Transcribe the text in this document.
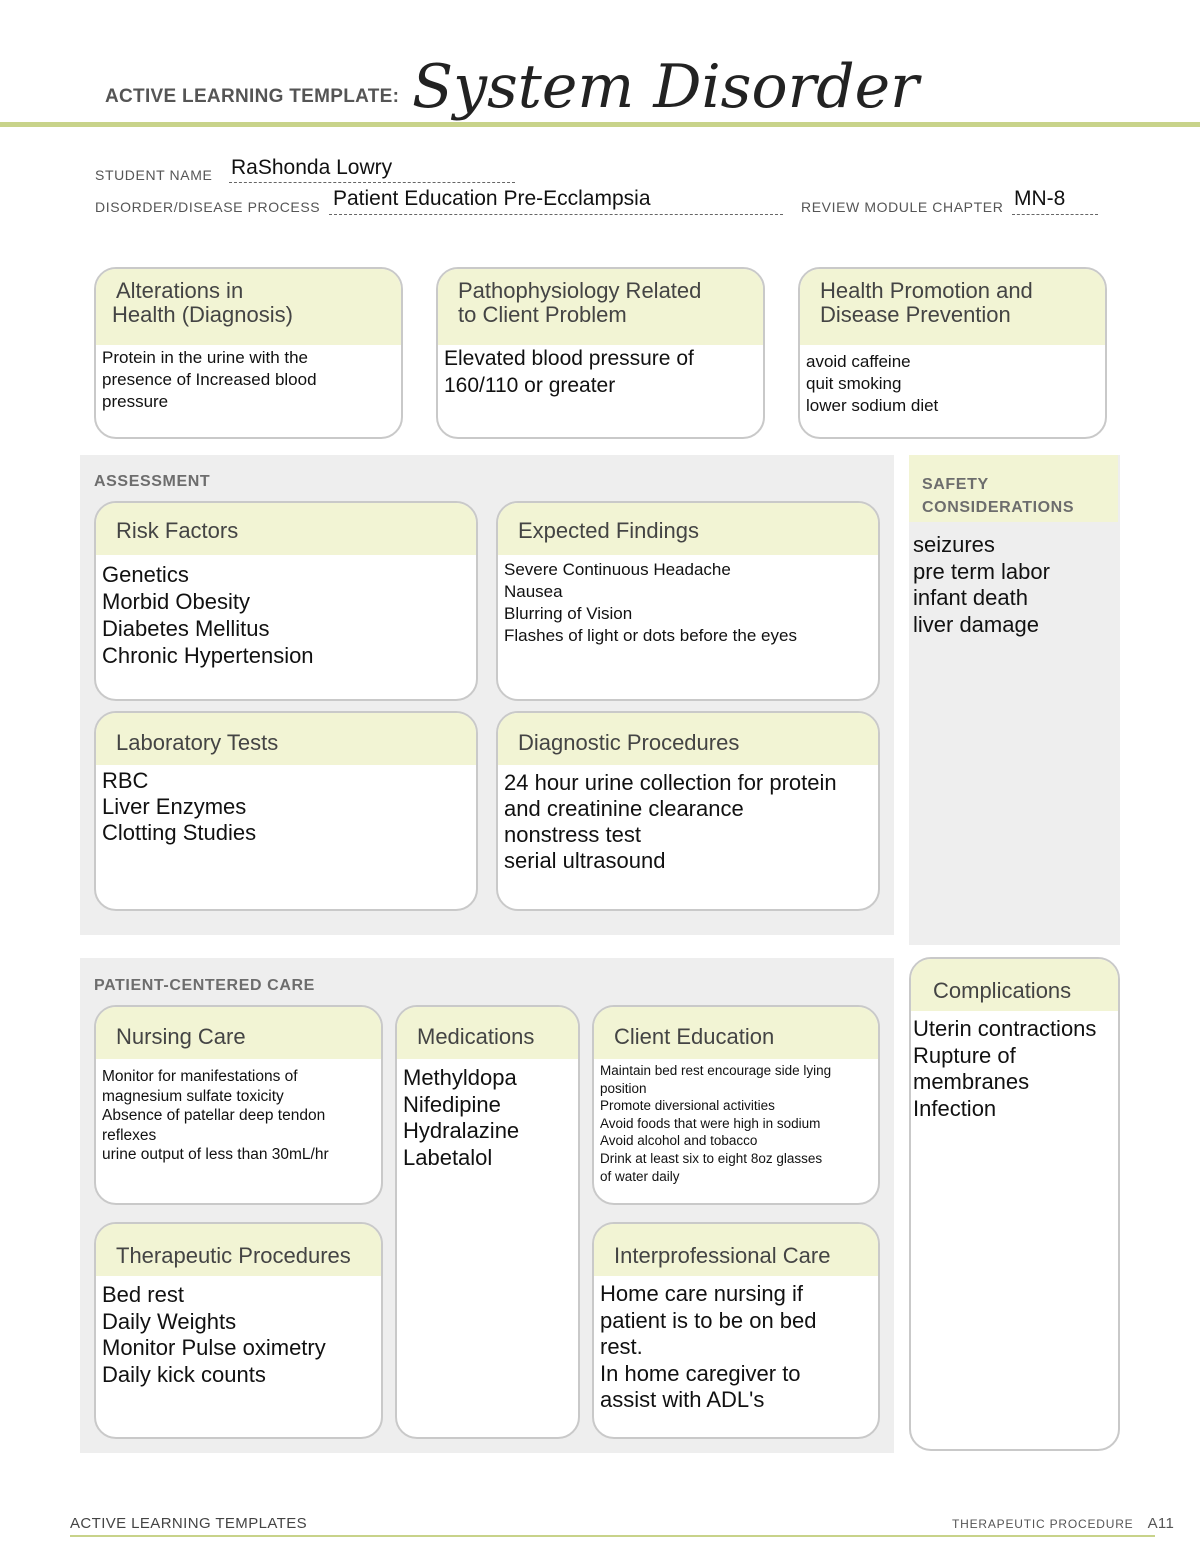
ACTIVE LEARNING TEMPLATE: System Disorder
STUDENT NAME RaShonda Lowry
DISORDER/DISEASE PROCESS Patient Education Pre-Ecclampsia	REVIEW MODULE CHAPTER MN-8
Alterations in
Health (Diagnosis)
Protein in the urine with the
presence of Increased blood
pressure
Pathophysiology Related
to Client Problem
Elevated blood pressure of
160/110 or greater
Health Promotion and
Disease Prevention
avoid caffeine
quit smoking
lower sodium diet
ASSESSMENT
Risk Factors
Genetics
Morbid Obesity
Diabetes Mellitus
Chronic Hypertension
Expected Findings
Severe Continuous Headache
Nausea
Blurring of Vision
Flashes of light or dots before the eyes
Laboratory Tests
RBC
Liver Enzymes
Clotting Studies
Diagnostic Procedures
24 hour urine collection for protein
and creatinine clearance
nonstress test
serial ultrasound
SAFETY
CONSIDERATIONS
seizures
pre term labor
infant death
liver damage
PATIENT-CENTERED CARE
Nursing Care
Monitor for manifestations of
magnesium sulfate toxicity
Absence of patellar deep tendon
reflexes
urine output of less than 30mL/hr
Medications
Methyldopa
Nifedipine
Hydralazine
Labetalol
Client Education
Maintain bed rest encourage side lying
position
Promote diversional activities
Avoid foods that were high in sodium
Avoid alcohol and tobacco
Drink at least six to eight 8oz glasses
of water daily
Therapeutic Procedures
Bed rest
Daily Weights
Monitor Pulse oximetry
Daily kick counts
Interprofessional Care
Home care nursing if
patient is to be on bed
rest.
In home caregiver to
assist with ADL's
Complications
Uterin contractions
Rupture of
membranes
Infection
ACTIVE LEARNING TEMPLATES	THERAPEUTIC PROCEDURE A11
